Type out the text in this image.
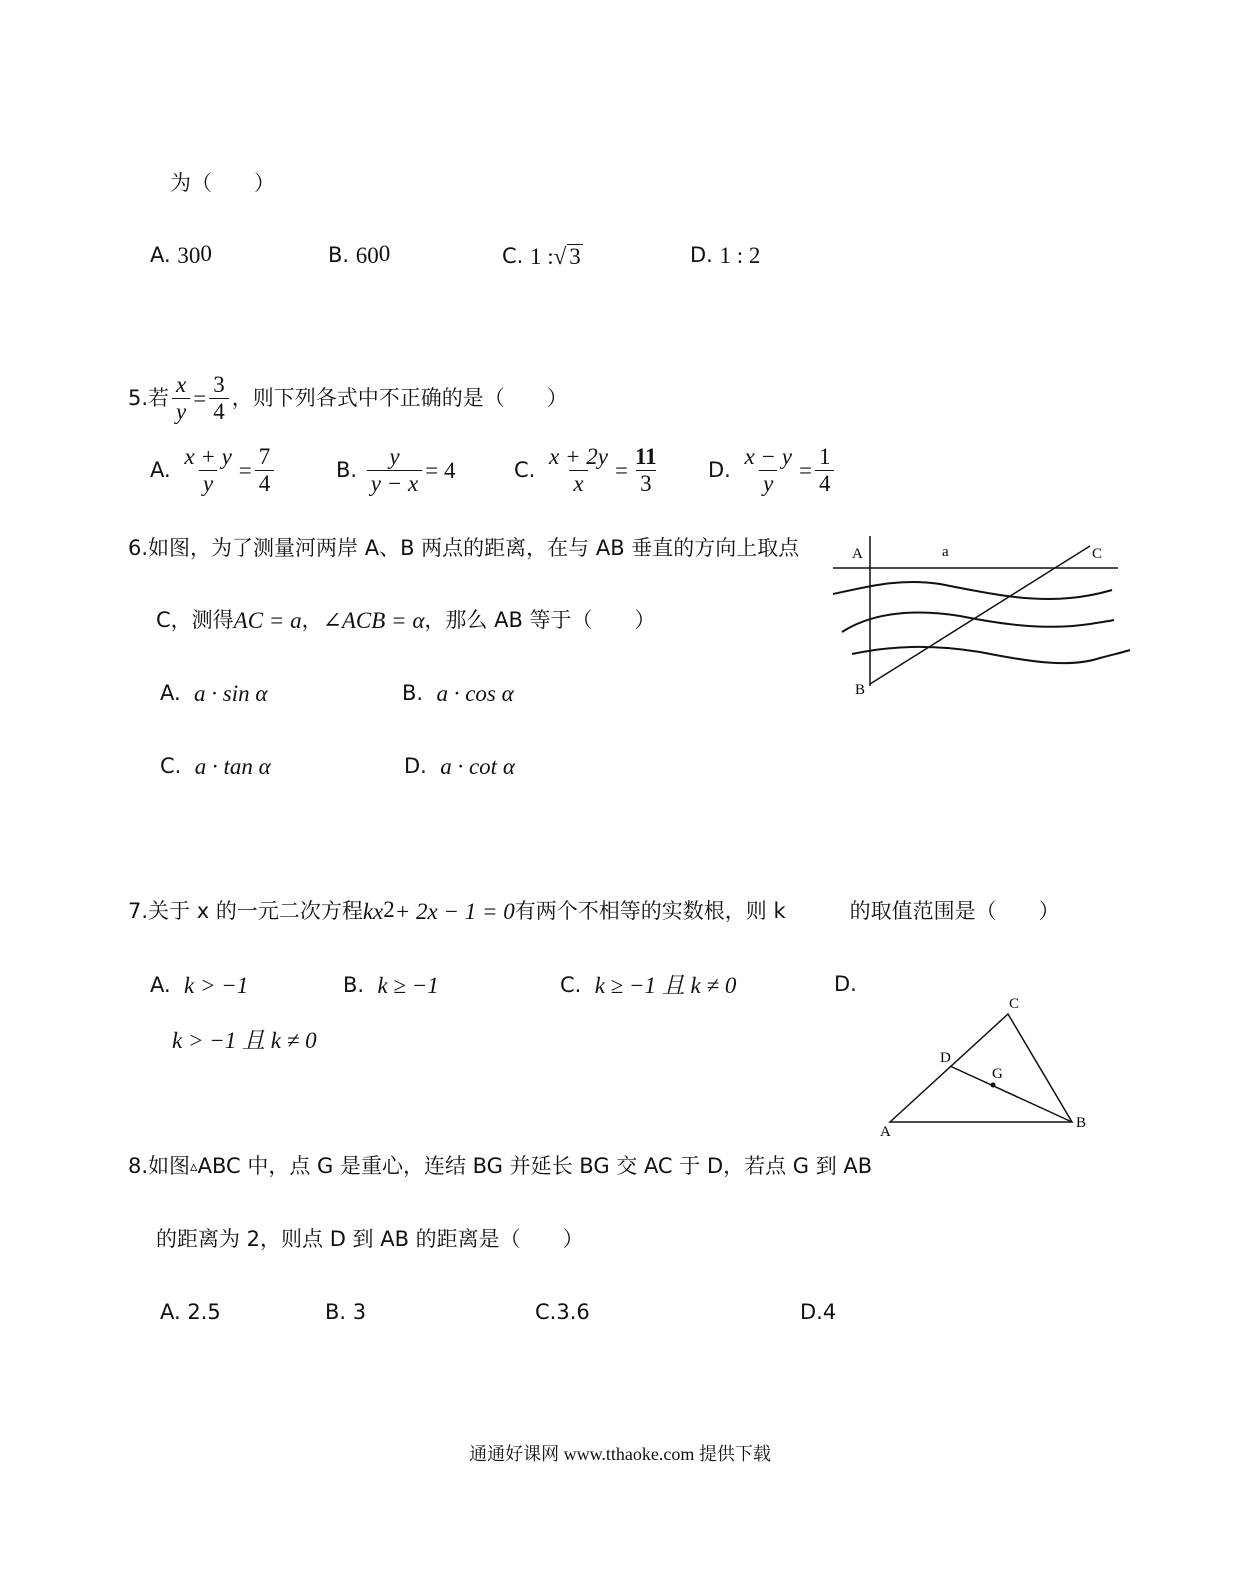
为（　　）
A.
$30^0$	B.
$60^0$	C.
1 : √ 3	D.
1 : 2
5.若 $\frac{x}{y} = \frac{3}{4}$ ，则下列各式中不正确的是（　　）
A.
$\frac{x + y}{y} = \frac{7}{4}$	B.
$\frac{y}{y - x} = 4$	C.
$\frac{x + 2y}{x} = \frac{11}{3} D$.
$\frac{x - y}{y} = \frac{1}{4}$
6.如图，为了测量河两岸 A、B 两点的距离，在与 AB 垂直的方向上取点
C，测得 AC = a ， ∠ACB = α ，那么 AB 等于（　　）
A.
a · sin α	B.
a · cos α
C.
a · tan α	D.
a · cot α
A	a	C
B
7.关于 x 的一元二次方程 $kx^2 + 2x - 1 = 0$ 有两个不相等的实数根，则 k	的取值范围是（　　）
A.
k > −1	B.
k ≥ −1	C.
k ≥ −1 且 k ≠ 0	D.
k > −1 且 k ≠ 0
A
C
D
G
B
8.如图 ▵ ABC 中，点 G 是重心，连结 BG 并延长 BG 交 AC 于 D，若点 G 到 AB
的距离为 2，则点 D 到 AB 的距离是（　　）
A. 2.5	B. 3	C.3.6	D.4
通通好课网 www.tthaoke.com 提供下载
